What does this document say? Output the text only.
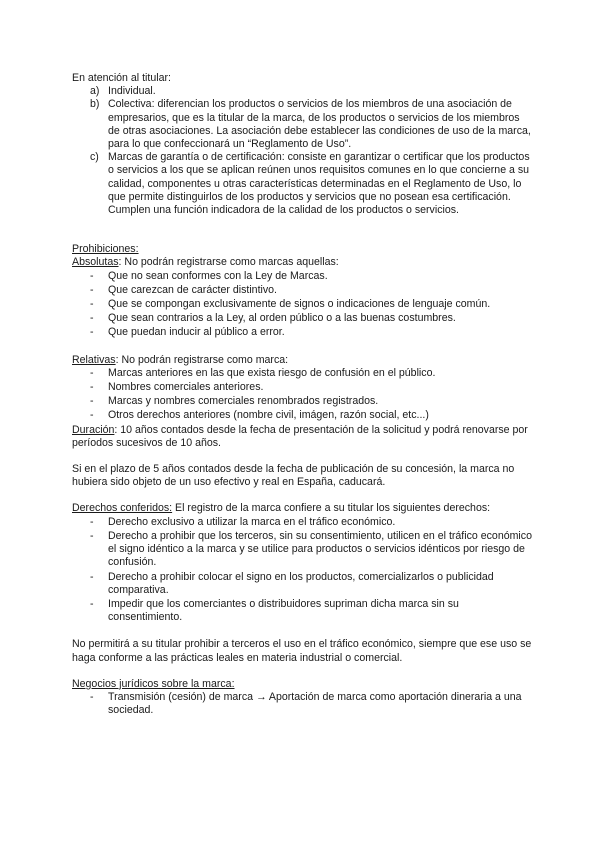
En atención al titular:

a) Individual.
b) Colectiva: diferencian los productos o servicios de los miembros de una asociación de empresarios, que es la titular de la marca, de los productos o servicios de los miembros de otras asociaciones. La asociación debe establecer las condiciones de uso de la marca, para lo que confeccionará un “Reglamento de Uso”.
c) Marcas de garantía o de certificación: consiste en garantizar o certificar que los productos o servicios a los que se aplican reúnen unos requisitos comunes en lo que concierne a su calidad, componentes u otras características determinadas en el Reglamento de Uso, lo que permite distinguirlos de los productos y servicios que no posean esa certificación. Cumplen una función indicadora de la calidad de los productos o servicios.

Prohibiciones:

Absolutas: No podrán registrarse como marcas aquellas:

- Que no sean conformes con la Ley de Marcas.
- Que carezcan de carácter distintivo.
- Que se compongan exclusivamente de signos o indicaciones de lenguaje común.
- Que sean contrarios a la Ley, al orden público o a las buenas costumbres.
- Que puedan inducir al público a error.

Relativas: No podrán registrarse como marca:

- Marcas anteriores en las que exista riesgo de confusión en el público.
- Nombres comerciales anteriores.
- Marcas y nombres comerciales renombrados registrados.
- Otros derechos anteriores (nombre civil, imágen, razón social, etc...)

Duración: 10 años contados desde la fecha de presentación de la solicitud y podrá renovarse por períodos sucesivos de 10 años.

Si en el plazo de 5 años contados desde la fecha de publicación de su concesión, la marca no hubiera sido objeto de un uso efectivo y real en España, caducará.

Derechos conferidos: El registro de la marca confiere a su titular los siguientes derechos:

- Derecho exclusivo a utilizar la marca en el tráfico económico.
- Derecho a prohibir que los terceros, sin su consentimiento, utilicen en el tráfico económico el signo idéntico a la marca y se utilice para productos o servicios idénticos por riesgo de confusión.
- Derecho a prohibir colocar el signo en los productos, comercializarlos o publicidad comparativa.
- Impedir que los comerciantes o distribuidores supriman dicha marca sin su consentimiento.

No permitirá a su titular prohibir a terceros el uso en el tráfico económico, siempre que ese uso se haga conforme a las prácticas leales en materia industrial o comercial.

Negocios jurídicos sobre la marca:

- Transmisión (cesión) de marca → Aportación de marca como aportación dineraria a una sociedad.
